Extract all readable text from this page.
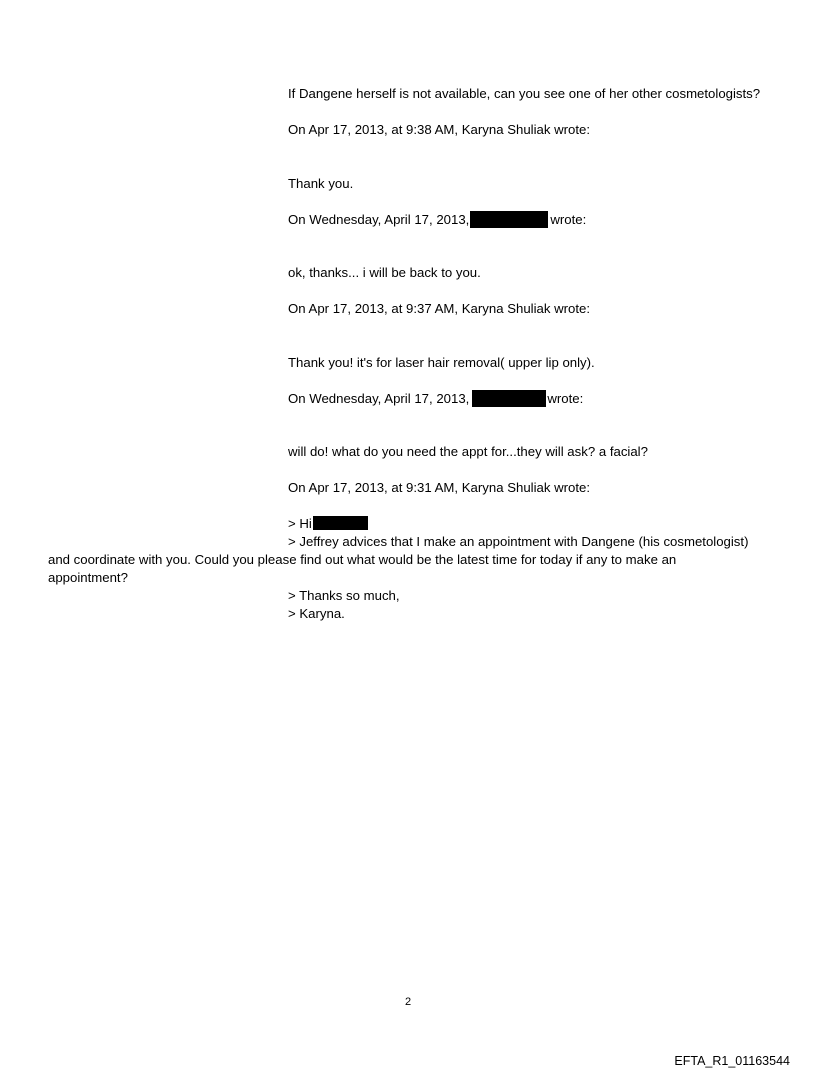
If Dangene herself is not available, can you see one of her other cosmetologists?
On Apr 17, 2013, at 9:38 AM, Karyna Shuliak wrote:
Thank you.
On Wednesday, April 17, 2013,	wrote:
ok, thanks... i will be back to you.
On Apr 17, 2013, at 9:37 AM, Karyna Shuliak wrote:
Thank you! it's for laser hair removal( upper lip only).
On Wednesday, April 17, 2013,	wrote:
will do! what do you need the appt for...they will ask? a facial?
On Apr 17, 2013, at 9:31 AM, Karyna Shuliak wrote:
> Hi
> Jeffrey advices that I make an appointment with Dangene (his cosmetologist)
and coordinate with you. Could you please find out what would be the latest time for today if any to make an
appointment?
> Thanks so much,
> Karyna.
2
EFTA_R1_01163544
